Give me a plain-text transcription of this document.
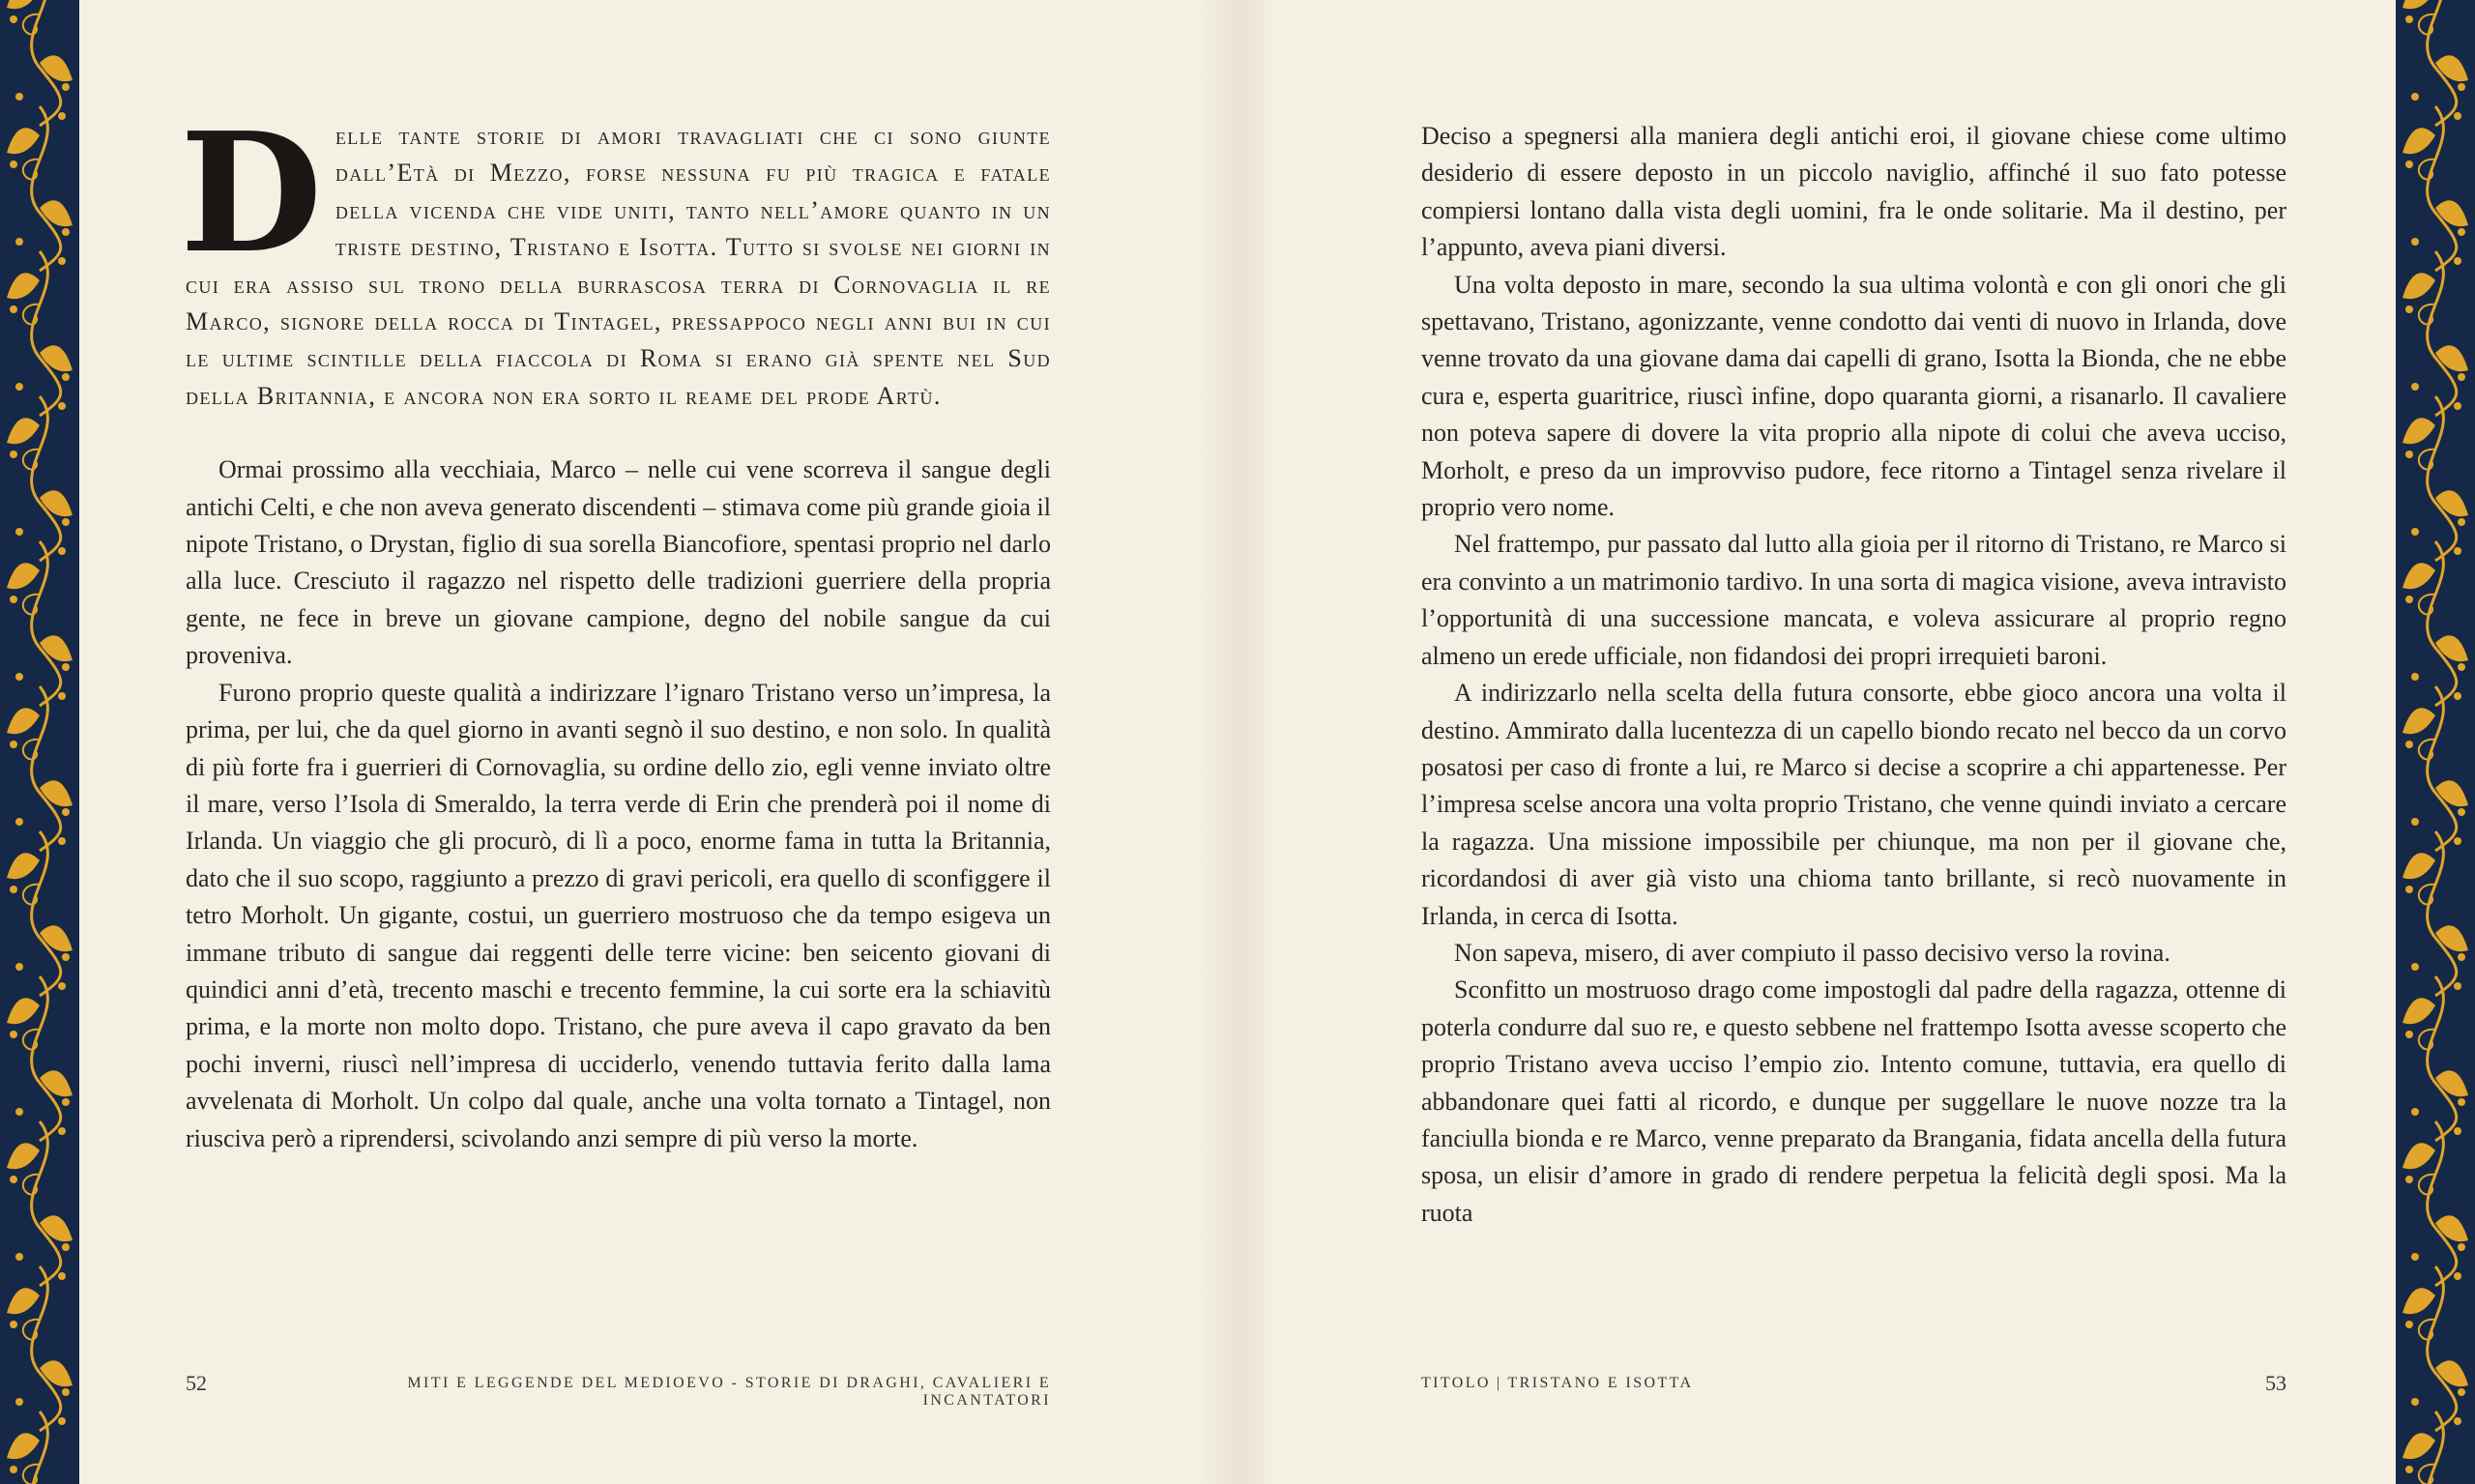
Delle tante storie di amori travagliati che ci sono giunte dall’Età di Mezzo, forse nessuna fu più tragica e fatale della vicenda che vide uniti, tanto nell’amore quanto in un triste destino, Tristano e Isotta. Tutto si svolse nei giorni in cui era assiso sul trono della burrascosa terra di Cornovaglia il re Marco, signore della rocca di Tintagel, pressappoco negli anni bui in cui le ultime scintille della fiaccola di Roma si erano già spente nel Sud della Britannia, e ancora non era sorto il reame del prode Artù.

Ormai prossimo alla vecchiaia, Marco – nelle cui vene scorreva il sangue degli antichi Celti, e che non aveva generato discendenti – stimava come più grande gioia il nipote Tristano, o Drystan, figlio di sua sorella Biancofiore, spentasi proprio nel darlo alla luce. Cresciuto il ragazzo nel rispetto delle tradizioni guerriere della propria gente, ne fece in breve un giovane campione, degno del nobile sangue da cui proveniva.

Furono proprio queste qualità a indirizzare l’ignaro Tristano verso un’impresa, la prima, per lui, che da quel giorno in avanti segnò il suo destino, e non solo. In qualità di più forte fra i guerrieri di Cornovaglia, su ordine dello zio, egli venne inviato oltre il mare, verso l’Isola di Smeraldo, la terra verde di Erin che prenderà poi il nome di Irlanda. Un viaggio che gli procurò, di lì a poco, enorme fama in tutta la Britannia, dato che il suo scopo, raggiunto a prezzo di gravi pericoli, era quello di sconfiggere il tetro Morholt. Un gigante, costui, un guerriero mostruoso che da tempo esigeva un immane tributo di sangue dai reggenti delle terre vicine: ben seicento giovani di quindici anni d’età, trecento maschi e trecento femmine, la cui sorte era la schiavitù prima, e la morte non molto dopo. Tristano, che pure aveva il capo gravato da ben pochi inverni, riuscì nell’impresa di ucciderlo, venendo tuttavia ferito dalla lama avvelenata di Morholt. Un colpo dal quale, anche una volta tornato a Tintagel, non riusciva però a riprendersi, scivolando anzi sempre di più verso la morte.

52	MITI E LEGGENDE DEL MEDIOEVO - STORIE DI DRAGHI, CAVALIERI E INCANTATORI

Deciso a spegnersi alla maniera degli antichi eroi, il giovane chiese come ultimo desiderio di essere deposto in un piccolo naviglio, affinché il suo fato potesse compiersi lontano dalla vista degli uomini, fra le onde solitarie. Ma il destino, per l’appunto, aveva piani diversi.

Una volta deposto in mare, secondo la sua ultima volontà e con gli onori che gli spettavano, Tristano, agonizzante, venne condotto dai venti di nuovo in Irlanda, dove venne trovato da una giovane dama dai capelli di grano, Isotta la Bionda, che ne ebbe cura e, esperta guaritrice, riuscì infine, dopo quaranta giorni, a risanarlo. Il cavaliere non poteva sapere di dovere la vita proprio alla nipote di colui che aveva ucciso, Morholt, e preso da un improvviso pudore, fece ritorno a Tintagel senza rivelare il proprio vero nome.

Nel frattempo, pur passato dal lutto alla gioia per il ritorno di Tristano, re Marco si era convinto a un matrimonio tardivo. In una sorta di magica visione, aveva intravisto l’opportunità di una successione mancata, e voleva assicurare al proprio regno almeno un erede ufficiale, non fidandosi dei propri irrequieti baroni.

A indirizzarlo nella scelta della futura consorte, ebbe gioco ancora una volta il destino. Ammirato dalla lucentezza di un capello biondo recato nel becco da un corvo posatosi per caso di fronte a lui, re Marco si decise a scoprire a chi appartenesse. Per l’impresa scelse ancora una volta proprio Tristano, che venne quindi inviato a cercare la ragazza. Una missione impossibile per chiunque, ma non per il giovane che, ricordandosi di aver già visto una chioma tanto brillante, si recò nuovamente in Irlanda, in cerca di Isotta.

Non sapeva, misero, di aver compiuto il passo decisivo verso la rovina.

Sconfitto un mostruoso drago come impostogli dal padre della ragazza, ottenne di poterla condurre dal suo re, e questo sebbene nel frattempo Isotta avesse scoperto che proprio Tristano aveva ucciso l’empio zio. Intento comune, tuttavia, era quello di abbandonare quei fatti al ricordo, e dunque per suggellare le nuove nozze tra la fanciulla bionda e re Marco, venne preparato da Brangania, fidata ancella della futura sposa, un elisir d’amore in grado di rendere perpetua la felicità degli sposi. Ma la ruota

TITOLO | TRISTANO E ISOTTA	53
